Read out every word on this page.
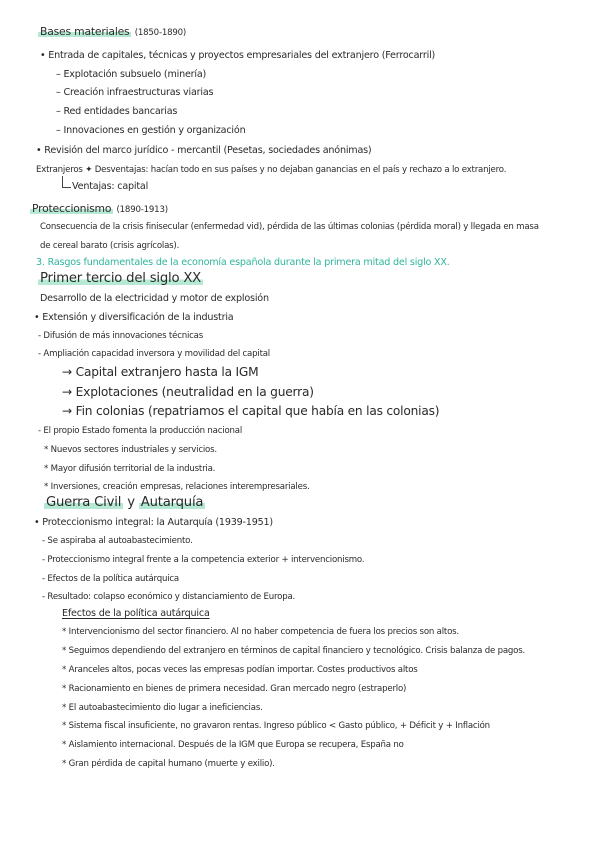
Bases materiales (1850-1890)
• Entrada de capitales, técnicas y proyectos empresariales del extranjero (Ferrocarril)
– Explotación subsuelo (minería)
– Creación infraestructuras viarias
– Red entidades bancarias
– Innovaciones en gestión y organización
• Revisión del marco jurídico - mercantil (Pesetas, sociedades anónimas)
Extranjeros ✦ Desventajas: hacían todo en sus países y no dejaban ganancias en el país y rechazo a lo extranjero.
Ventajas: capital
Proteccionismo (1890-1913)
Consecuencia de la crisis finisecular (enfermedad vid), pérdida de las últimas colonias (pérdida moral) y llegada en masa
de cereal barato (crisis agrícolas).
3. Rasgos fundamentales de la economía española durante la primera mitad del siglo XX.
Primer tercio del siglo XX
Desarrollo de la electricidad y motor de explosión
• Extensión y diversificación de la industria
- Difusión de más innovaciones técnicas
- Ampliación capacidad inversora y movilidad del capital
→ Capital extranjero hasta la IGM
→ Explotaciones (neutralidad en la guerra)
→ Fin colonias (repatriamos el capital que había en las colonias)
- El propio Estado fomenta la producción nacional
* Nuevos sectores industriales y servicios.
* Mayor difusión territorial de la industria.
* Inversiones, creación empresas, relaciones interempresariales.
Guerra Civil y Autarquía
• Proteccionismo integral: la Autarquía (1939-1951)
- Se aspiraba al autoabastecimiento.
- Proteccionismo integral frente a la competencia exterior + intervencionismo.
- Efectos de la política autárquica
- Resultado: colapso económico y distanciamiento de Europa.
Efectos de la política autárquica
* Intervencionismo del sector financiero. Al no haber competencia de fuera los precios son altos.
* Seguimos dependiendo del extranjero en términos de capital financiero y tecnológico. Crisis balanza de pagos.
* Aranceles altos, pocas veces las empresas podían importar. Costes productivos altos
* Racionamiento en bienes de primera necesidad. Gran mercado negro (estraperlo)
* El autoabastecimiento dio lugar a ineficiencias.
* Sistema fiscal insuficiente, no gravaron rentas. Ingreso público < Gasto público, + Déficit y + Inflación
* Aislamiento internacional. Después de la IGM que Europa se recupera, España no
* Gran pérdida de capital humano (muerte y exilio).
